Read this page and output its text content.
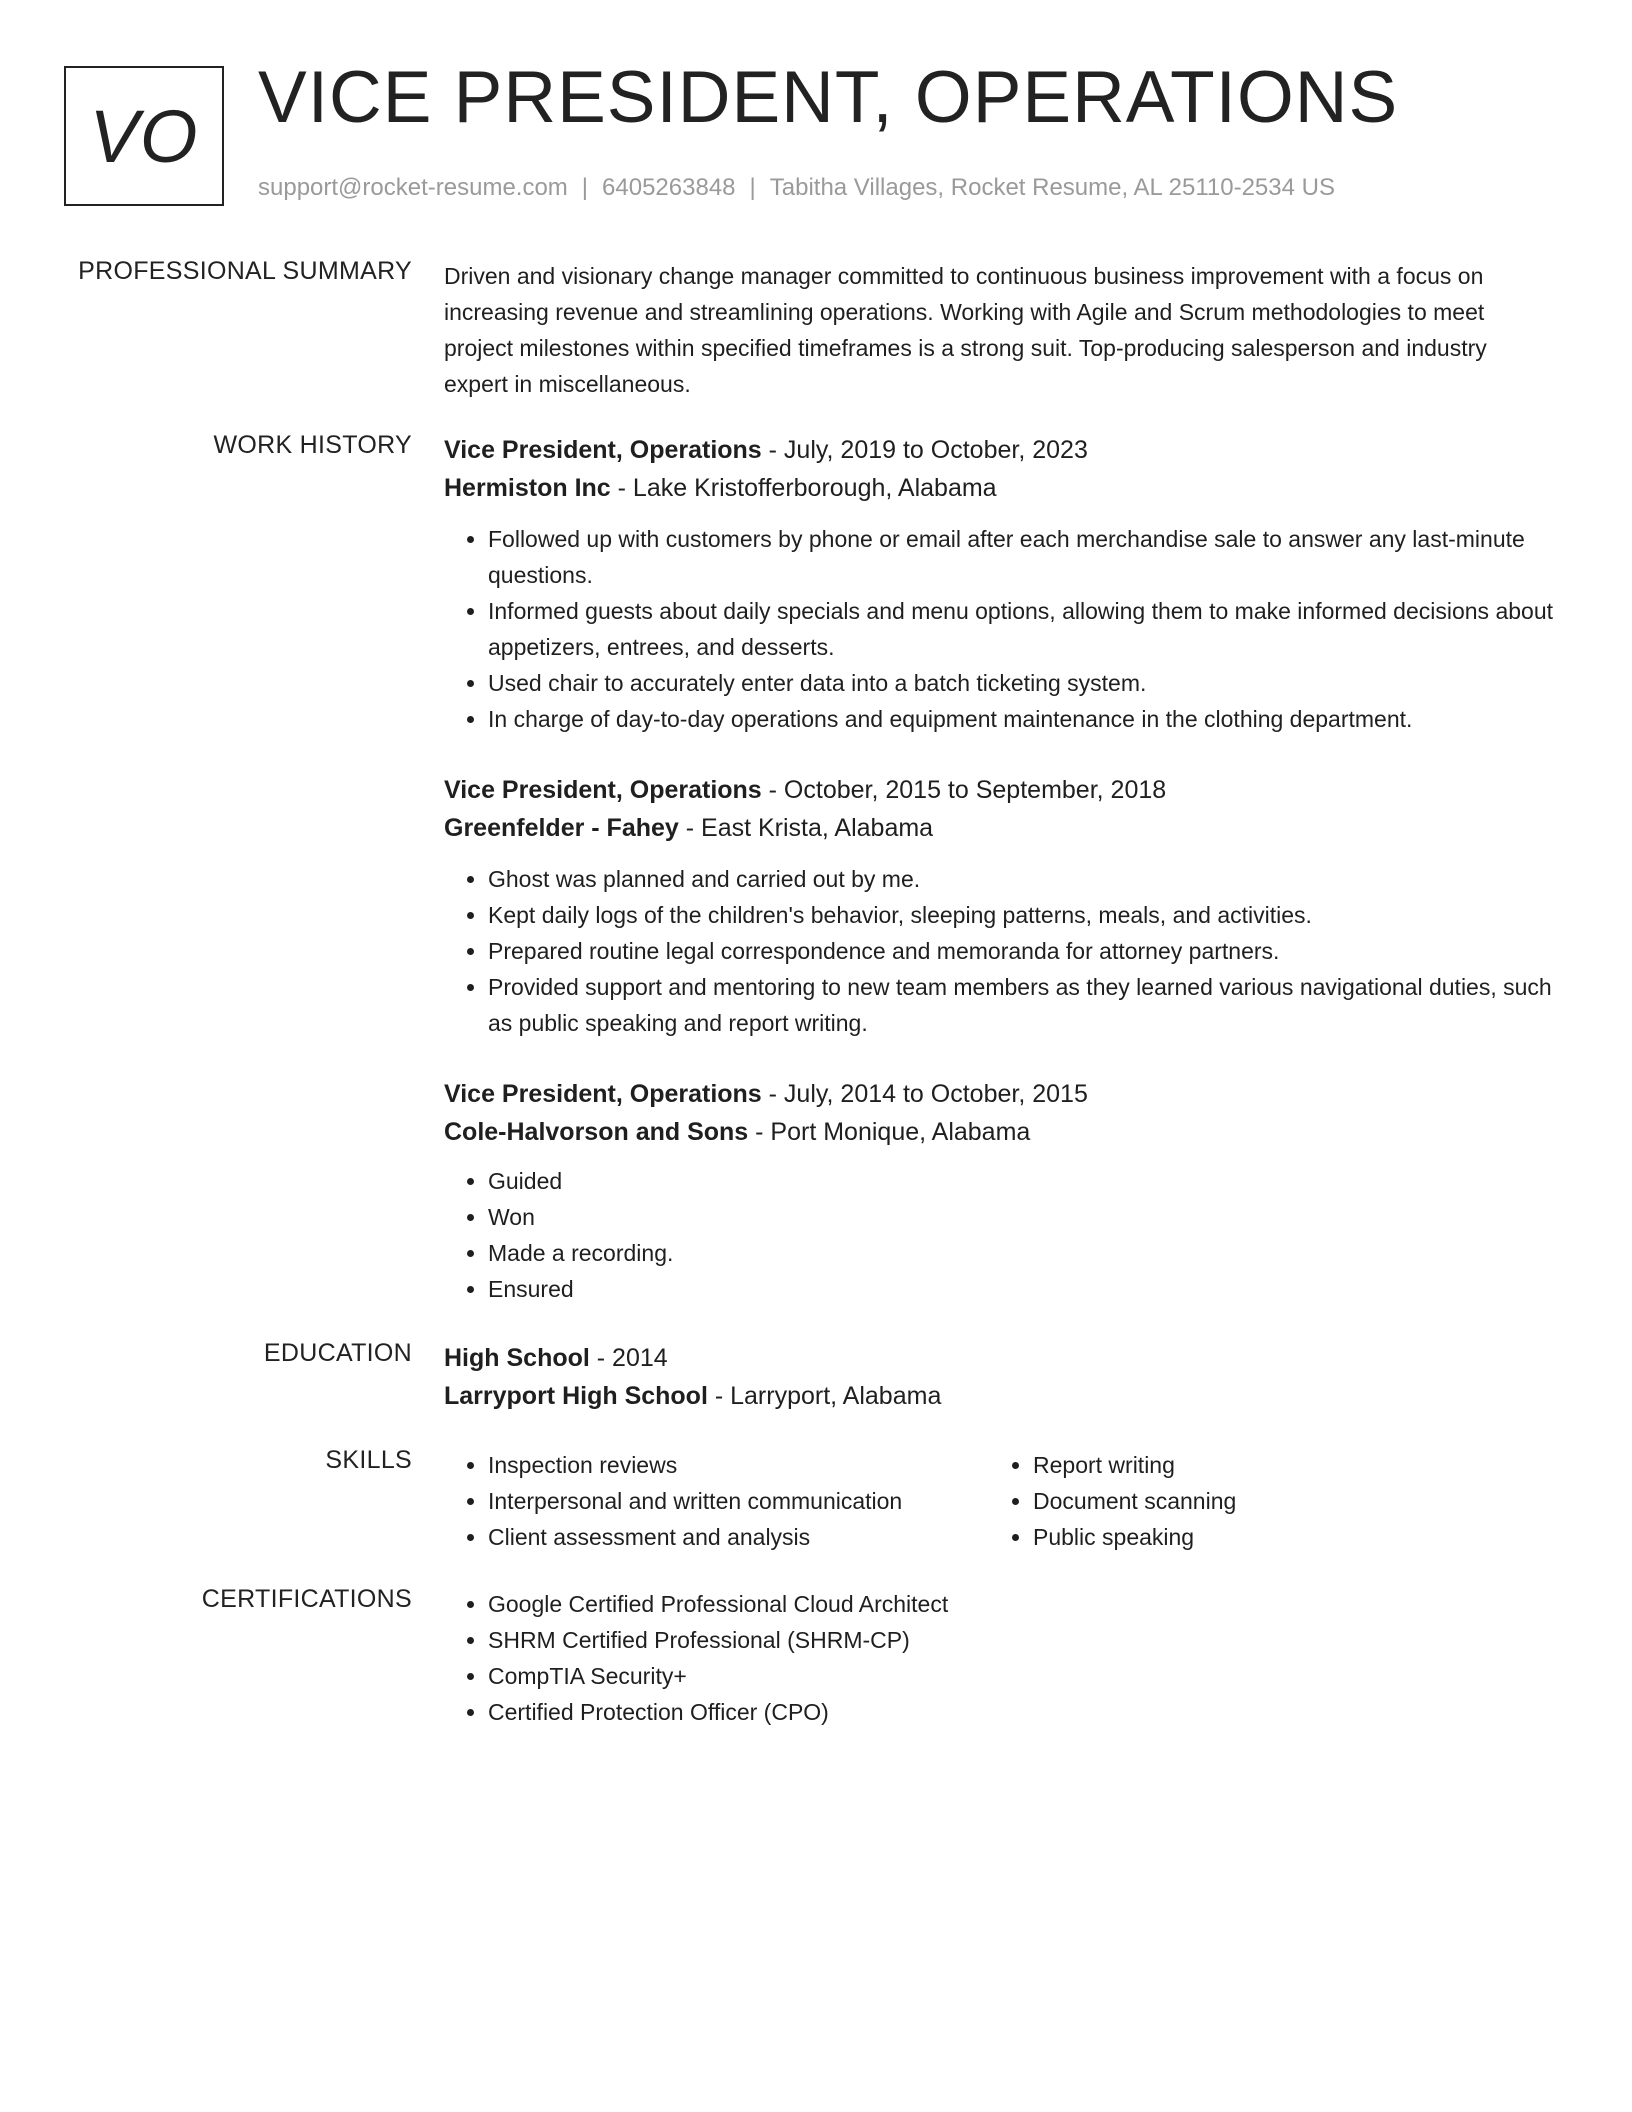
VO VICE PRESIDENT, OPERATIONS
support@rocket-resume.com | 6405263848 | Tabitha Villages, Rocket Resume, AL 25110-2534 US
PROFESSIONAL SUMMARY Driven and visionary change manager committed to continuous business improvement with a focus on increasing revenue and streamlining operations. Working with Agile and Scrum methodologies to meet project milestones within specified timeframes is a strong suit. Top-producing salesperson and industry expert in miscellaneous.
WORK HISTORY Vice President, Operations - July, 2019 to October, 2023
Hermiston Inc - Lake Kristofferborough, Alabama
• Followed up with customers by phone or email after each merchandise sale to answer any last-minute questions.
• Informed guests about daily specials and menu options, allowing them to make informed decisions about appetizers, entrees, and desserts.
• Used chair to accurately enter data into a batch ticketing system.
• In charge of day-to-day operations and equipment maintenance in the clothing department.
Vice President, Operations - October, 2015 to September, 2018
Greenfelder - Fahey - East Krista, Alabama
• Ghost was planned and carried out by me.
• Kept daily logs of the children's behavior, sleeping patterns, meals, and activities.
• Prepared routine legal correspondence and memoranda for attorney partners.
• Provided support and mentoring to new team members as they learned various navigational duties, such as public speaking and report writing.
Vice President, Operations - July, 2014 to October, 2015
Cole-Halvorson and Sons - Port Monique, Alabama
• Guided
• Won
• Made a recording.
• Ensured
EDUCATION High School - 2014
Larryport High School - Larryport, Alabama
SKILLS	• Inspection reviews
• Interpersonal and written communication
• Client assessment and analysis
• Report writing
• Document scanning
• Public speaking
CERTIFICATIONS	• Google Certified Professional Cloud Architect
• SHRM Certified Professional (SHRM-CP)
• CompTIA Security+
• Certified Protection Officer (CPO)
